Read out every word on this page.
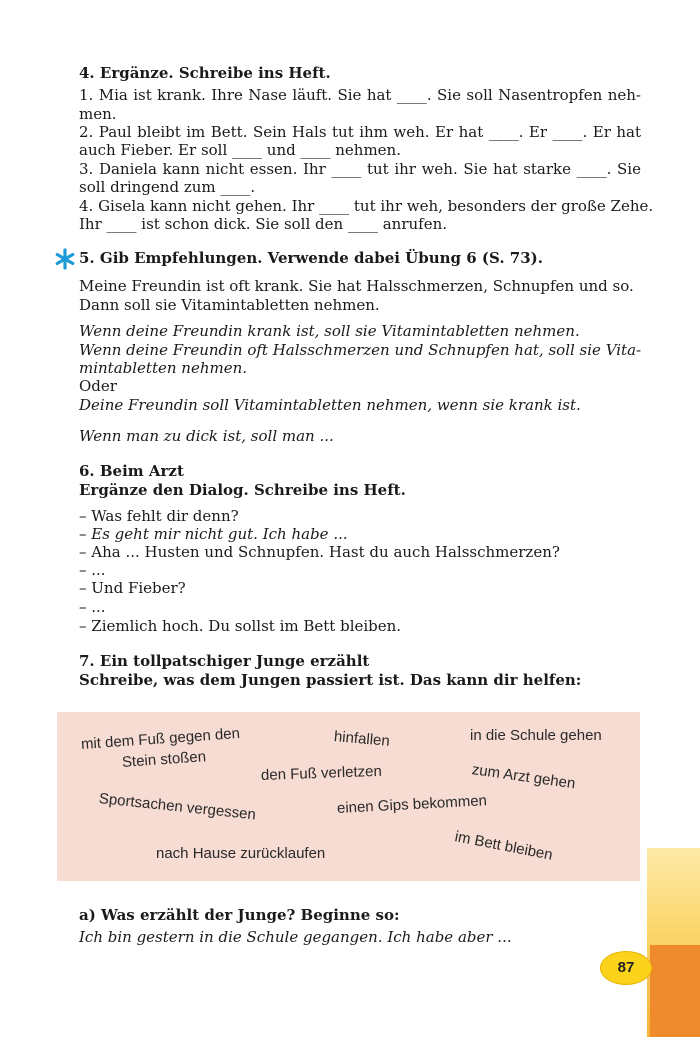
4. Ergänze. Schreibe ins Heft.
1. Mia ist krank. Ihre Nase läuft. Sie hat ____. Sie soll Nasentropfen neh-
men.
2. Paul bleibt im Bett. Sein Hals tut ihm weh. Er hat ____. Er ____. Er hat
auch Fieber. Er soll ____ und ____ nehmen.
3. Daniela kann nicht essen. Ihr ____ tut ihr weh. Sie hat starke ____. Sie
soll dringend zum ____.
4. Gisela kann nicht gehen. Ihr ____ tut ihr weh, besonders der große Zehe.
Ihr ____ ist schon dick. Sie soll den ____ anrufen.
5. Gib Empfehlungen. Verwende dabei Übung 6 (S. 73).
Meine Freundin ist oft krank. Sie hat Halsschmerzen, Schnupfen und so.
Dann soll sie Vitamintabletten nehmen.
Wenn deine Freundin krank ist, soll sie Vitamintabletten nehmen.
Wenn deine Freundin oft Halsschmerzen und Schnupfen hat, soll sie Vita-
mintabletten nehmen.
Oder
Deine Freundin soll Vitamintabletten nehmen, wenn sie krank ist.
Wenn man zu dick ist, soll man ...
6. Beim Arzt
Ergänze den Dialog. Schreibe ins Heft.
– Was fehlt dir denn?
– Es geht mir nicht gut. Ich habe ...
– Aha ... Husten und Schnupfen. Hast du auch Halsschmerzen?
– ...
– Und Fieber?
– ...
– Ziemlich hoch. Du sollst im Bett bleiben.
7. Ein tollpatschiger Junge erzählt
Schreibe, was dem Jungen passiert ist. Das kann dir helfen:
mit dem Fuß gegen den
Stein stoßen
hinfallen	in die Schule gehen
den Fuß verletzen	zum Arzt gehen
Sportsachen vergessen	einen Gips bekommen
im Bett bleiben
nach Hause zurücklaufen
a) Was erzählt der Junge? Beginne so:
Ich bin gestern in die Schule gegangen. Ich habe aber ...
87
